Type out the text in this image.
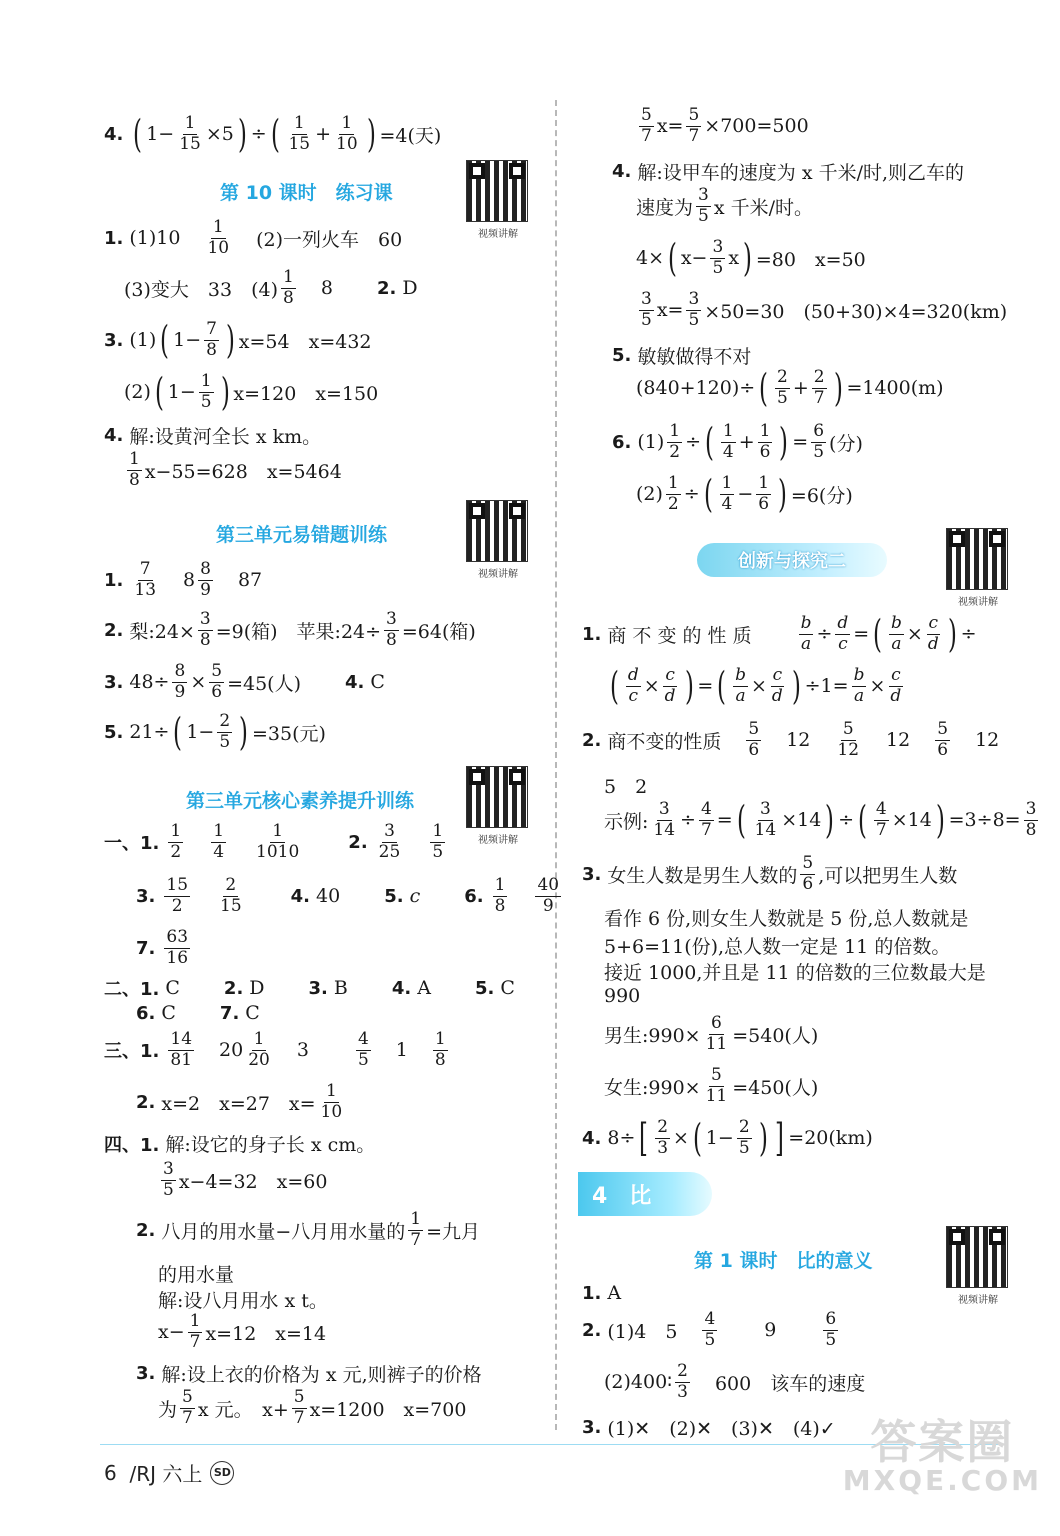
4. ( $1 - \frac{1}{15} \times 5$ ) ÷ ( $\frac{1}{15} + \frac{1}{10}$ ) =4(天)
第 10 课时　练习课
视频讲解
1. $(1)10 \frac{1}{10} (2)$一列火车　60
(3)变大　33　$(4) \frac{1}{8} 8$ 2. D
3. (1) ( $1- \frac{7}{8}$ ) x=54　x=432
(2) ( $1- \frac{1}{5}$ ) x=120　x=150
4. 解:设黄河全长 x km。
$\frac{1}{8} x-55=628$　x=5464
第三单元易错题训练
视频讲解
1. $\frac{7}{13} 8 \frac{8}{9} 87$
2. 梨:24× $\frac{3}{8} =9$(箱)　苹果:24÷ $\frac{3}{8} =64$(箱)
3. $48\div \frac{8}{9} \times \frac{5}{6} =45$(人) 4. C
5. 21÷ ( $1- \frac{2}{5}$ ) =35(元)
第三单元核心素养提升训练
视频讲解
一、1. $\frac{1}{2} \frac{1}{4} \frac{1}{1010}$	2. $\frac{3}{25} \frac{1}{5}$
3. $\frac{15}{2} \frac{2}{15}$	4. 40 5. c 6. $\frac{1}{8} \frac{40}{9}$
7. $\frac{63}{16}$
二、1. C 2. D 3. B 4. A 5. C
6. C 7. C
三、1. $\frac{14}{81} 20 \frac{1}{20} 3$	$\frac{4}{5} 1 \frac{1}{8}$
2. x=2　x=27　$x= \frac{1}{10}$
四、1. 解:设它的身子长 x cm。
$\frac{3}{5} x-4=32$　x=60
2. 八月的用水量−八月用水量的 $\frac{1}{7}$ =九月
的用水量
解:设八月用水 x t。
$x- \frac{1}{7} x=12$　x=14
3. 解:设上衣的价格为 x 元,则裤子的价格
为 $\frac{5}{7}$ x 元。　$x+ \frac{5}{7} x=1200$　x=700
$\frac{5}{7} x= \frac{5}{7} \times 700=500$
4. 解:设甲车的速度为 x 千米/时,则乙车的
速度为 $\frac{3}{5}$ x 千米/时。
4× ( $x- \frac{3}{5}$ x ) =80　x=50
$\frac{3}{5} x= \frac{3}{5} \times 50=30$　(50+30)×4=320(km)
5. 敏敏做得不对
(840+120)÷ ( $\frac{2}{5} + \frac{2}{7}$ ) =1400(m)
6. $(1) \frac{1}{2}$ ÷ ( $\frac{1}{4} + \frac{1}{6}$ ) = $\frac{6}{5}$ (分)
$(2) \frac{1}{2}$ ÷ ( $\frac{1}{4} - \frac{1}{6}$ ) =6(分)
创新与探究二
视频讲解
1. 商 不 变 的 性 质	$\frac{b}{a} \div \frac{d}{c}$ = ( $\frac{b}{a} \times \frac{c}{d}$ ) ÷
( $\frac{d}{c} \times \frac{c}{d}$ ) = ( $\frac{b}{a} \times \frac{c}{d}$ ) $\div 1= \frac{b}{a} \times \frac{c}{d}$
2. 商不变的性质 $\frac{5}{6} 12 \frac{5}{12} 12 \frac{5}{6} 12$
5　2
示例: $\frac{3}{14} \div \frac{4}{7}$ = ( $\frac{3}{14} \times 14$ ) ÷ ( $\frac{4}{7} \times 14$ ) $=3\div 8= \frac{3}{8}$
3. 女生人数是男生人数的 $\frac{5}{6}$ ,可以把男生人数
看作 6 份,则女生人数就是 5 份,总人数就是
5+6=11(份),总人数一定是 11 的倍数。
接近 1000,并且是 11 的倍数的三位数最大是
990
男生:990× $\frac{6}{11} =540$(人)
女生:990× $\frac{5}{11} =450$(人)
4. 8÷ [ $\frac{2}{3}$ × ( $1- \frac{2}{5}$ ) ] =20(km)
4　比
第 1 课时　比的意义
视频讲解
1. A
2. (1)4　$5 \frac{4}{5} 9$	$\frac{6}{5}$
(2)400∶ $\frac{2}{3} 600$　该车的速度
3. (1)✕　(2)✕　(3)✕　(4)✓
6
/RJ 六上	SD
答案圈
MXQE.COM
